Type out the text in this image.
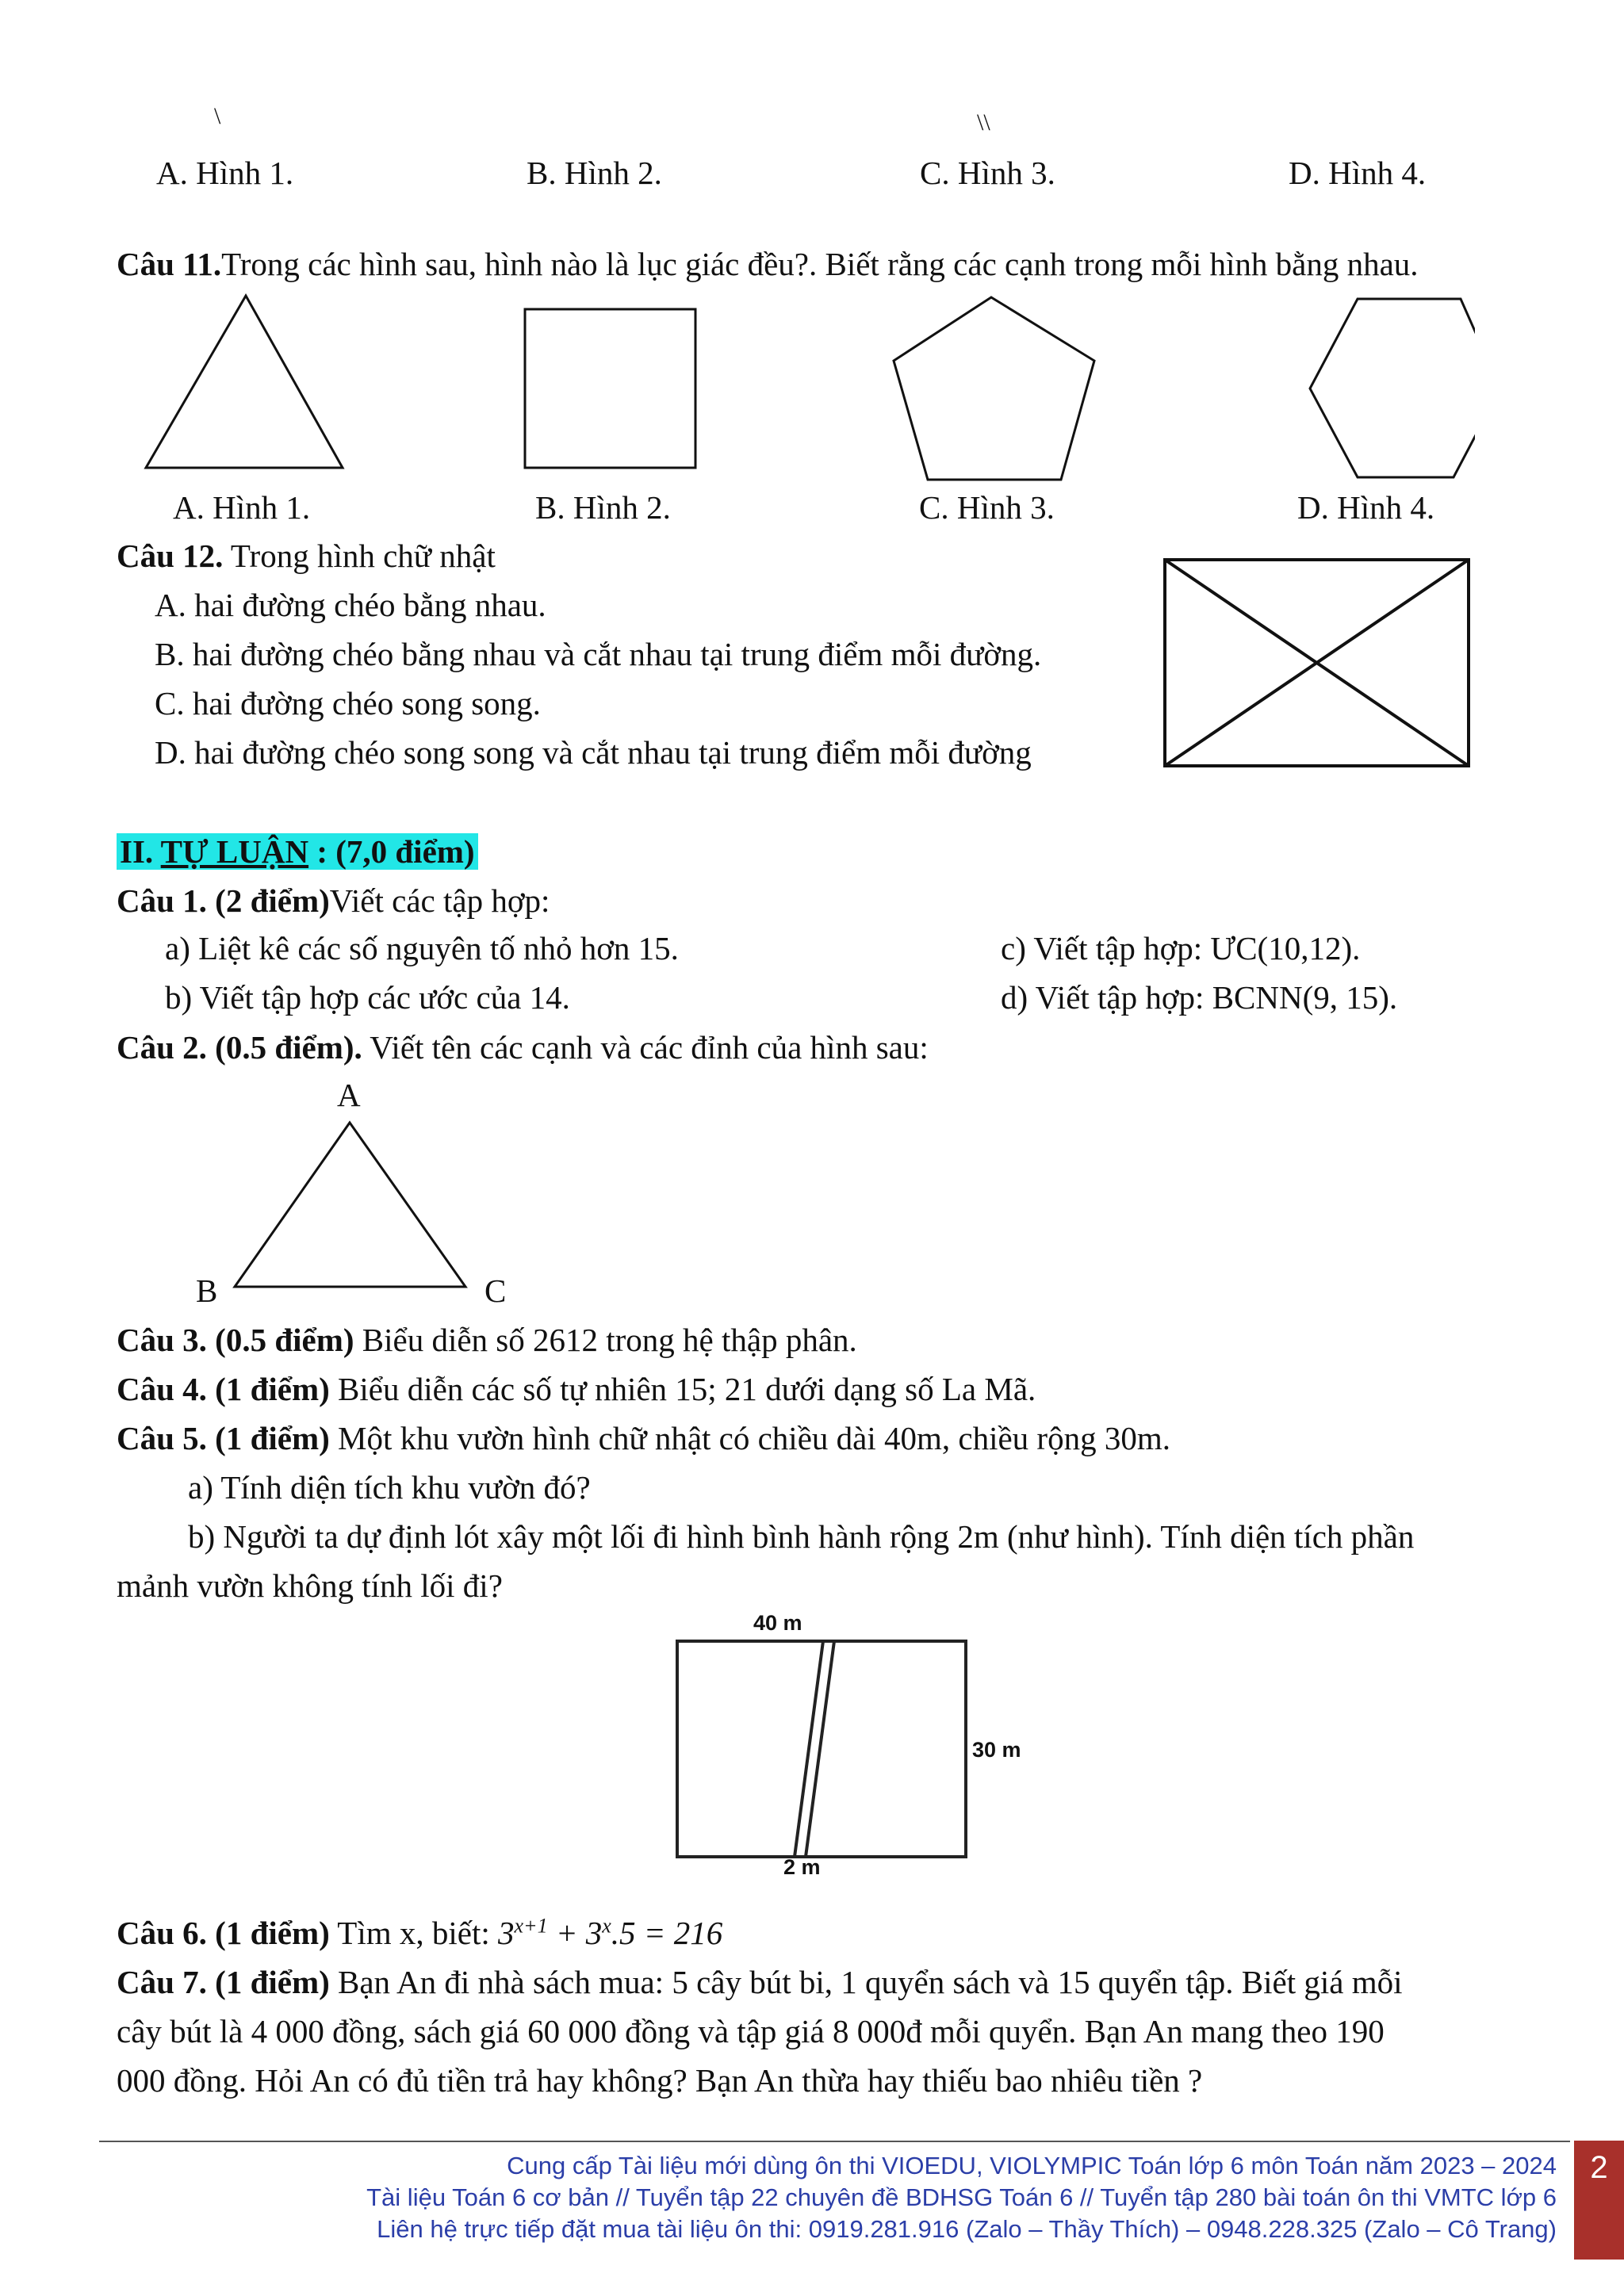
\	\\
A. Hình 1.	B. Hình 2.	C. Hình 3.	D. Hình 4.
Câu 11.Trong các hình sau, hình nào là lục giác đều?. Biết rằng các cạnh trong mỗi hình bằng nhau.
A. Hình 1.	B. Hình 2.	C. Hình 3.	D. Hình 4.
Câu 12. Trong hình chữ nhật
A. hai đường chéo bằng nhau.
B. hai đường chéo bằng nhau và cắt nhau tại trung điểm mỗi đường.
C. hai đường chéo song song.
D. hai đường chéo song song và cắt nhau tại trung điểm mỗi đường
II. TỰ LUẬN : (7,0 điểm)
Câu 1. (2 điểm)Viết các tập hợp:
a) Liệt kê các số nguyên tố nhỏ hơn 15.	c) Viết tập hợp: ƯC(10,12).
b) Viết tập hợp các ước của 14.	d) Viết tập hợp: BCNN(9, 15).
Câu 2. (0.5 điểm). Viết tên các cạnh và các đỉnh của hình sau:
A
B	C
Câu 3. (0.5 điểm) Biểu diễn số 2612 trong hệ thập phân.
Câu 4. (1 điểm) Biểu diễn các số tự nhiên 15; 21 dưới dạng số La Mã.
Câu 5. (1 điểm) Một khu vườn hình chữ nhật có chiều dài 40m, chiều rộng 30m.
a) Tính diện tích khu vườn đó?
b) Người ta dự định lót xây một lối đi hình bình hành rộng 2m (như hình). Tính diện tích phần
mảnh vườn không tính lối đi?
40 m
30 m
2 m
Câu 6. (1 điểm) Tìm x, biết: $3^{x+1} + 3^x.5 = 216$
Câu 7. (1 điểm) Bạn An đi nhà sách mua: 5 cây bút bi, 1 quyển sách và 15 quyển tập. Biết giá mỗi
cây bút là 4 000 đồng, sách giá 60 000 đồng và tập giá 8 000đ mỗi quyển. Bạn An mang theo 190
000 đồng. Hỏi An có đủ tiền trả hay không? Bạn An thừa hay thiếu bao nhiêu tiền ?
Cung cấp Tài liệu mới dùng ôn thi VIOEDU, VIOLYMPIC Toán lớp 6 môn Toán năm 2023 – 2024
Tài liệu Toán 6 cơ bản // Tuyển tập 22 chuyên đề BDHSG Toán 6 // Tuyển tập 280 bài toán ôn thi VMTC lớp 6
Liên hệ trực tiếp đặt mua tài liệu ôn thi: 0919.281.916 (Zalo – Thầy Thích) – 0948.228.325 (Zalo – Cô Trang)
2
